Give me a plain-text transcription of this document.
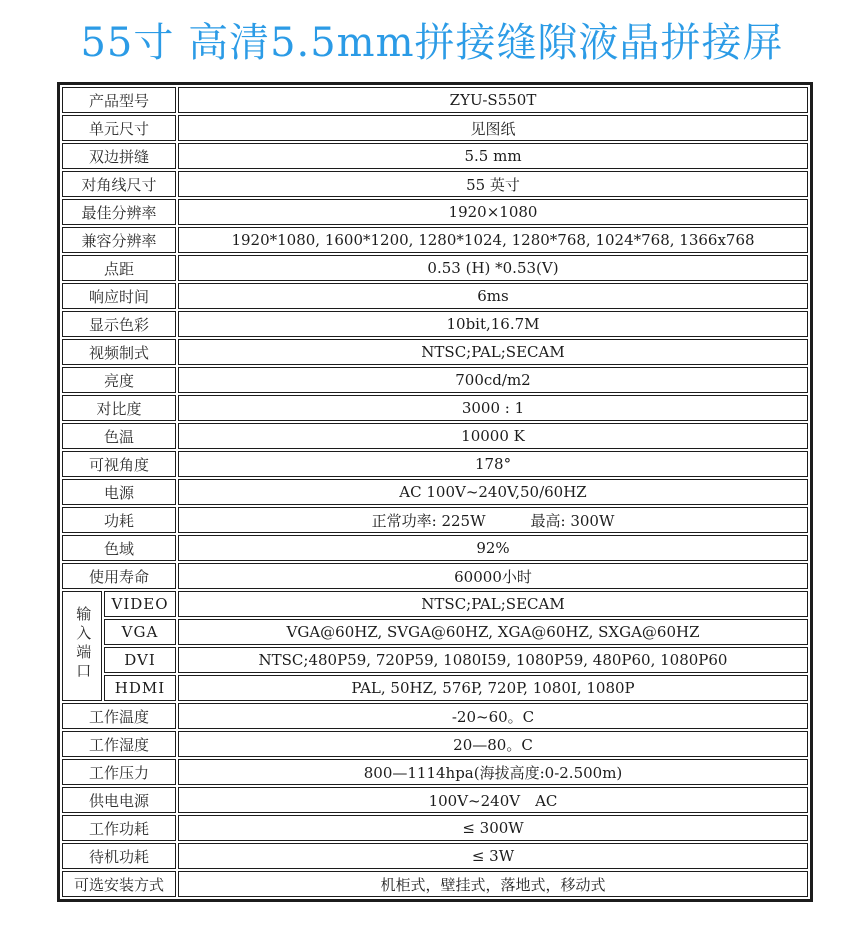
55寸 高清5.5mm拼接缝隙液晶拼接屏
产品型号		ZYU-S550T
单元尺寸		见图纸
双边拼缝		5.5 mm
对角线尺寸		55 英寸
最佳分辨率		1920×1080
兼容分辨率		1920*1080, 1600*1200, 1280*1024, 1280*768, 1024*768, 1366x768
点距		0.53 (H) *0.53(V)
响应时间		6ms
显示色彩		10bit,16.7M
视频制式		NTSC;PAL;SECAM
亮度		700cd/m2
对比度		3000 : 1
色温		10000 K
可视角度		178°
电源		AC 100V~240V,50/60HZ
功耗		正常功率: 225W　　　最高: 300W
色域		92%
使用寿命		60000小时
输入端口	VIDEO	NTSC;PAL;SECAM
	VGA	VGA@60HZ, SVGA@60HZ, XGA@60HZ, SXGA@60HZ
	DVI	NTSC;480P59, 720P59, 1080I59, 1080P59, 480P60, 1080P60
	HDMI	PAL, 50HZ, 576P, 720P, 1080I, 1080P
工作温度		-20~60。C
工作湿度		20—80。C
工作压力		800—1114hpa(海拔高度:0-2.500m)
供电电源		100V~240V　AC
工作功耗		≤ 300W
待机功耗		≤ 3W
可选安装方式		机柜式，壁挂式，落地式，移动式
